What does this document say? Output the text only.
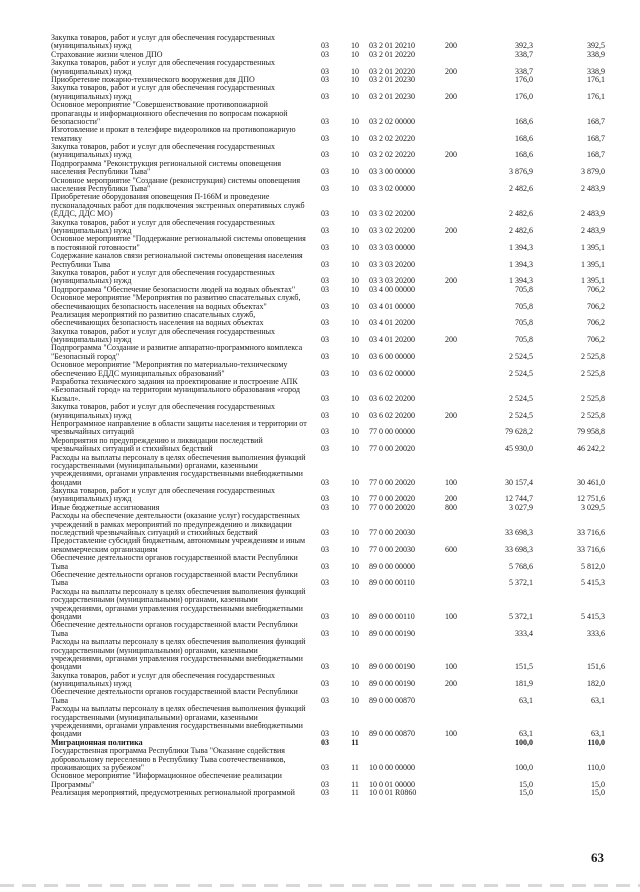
Закупка товаров, работ и услуг для обеспечения государственных (муниципальных) нужд	03	10	03 2 01 20210	200	392,3	392,5
Страхование жизни членов ДПО	03	10	03 2 01 20220		338,7	338,9
Закупка товаров, работ и услуг для обеспечения государственных (муниципальных) нужд	03	10	03 2 01 20220	200	338,7	338,9
Приобретение пожарно-технического вооружения для ДПО	03	10	03 2 01 20230		176,0	176,1
Закупка товаров, работ и услуг для обеспечения государственных (муниципальных) нужд	03	10	03 2 01 20230	200	176,0	176,1
Основное мероприятие "Совершенствование противопожарной пропаганды и информационного обеспечения по вопросам пожарной безопасности"	03	10	03 2 02 00000		168,6	168,7
Изготовление и прокат в телеэфире видеороликов на противопожарную тематику	03	10	03 2 02 20220		168,6	168,7
Закупка товаров, работ и услуг для обеспечения государственных (муниципальных) нужд	03	10	03 2 02 20220	200	168,6	168,7
Подпрограмма "Реконструкция региональной системы оповещения населения Республики Тыва"	03	10	03 3 00 00000		3 876,9	3 879,0
Основное мероприятие "Создание (реконструкция) системы оповещения населения Республики Тыва"	03	10	03 3 02 00000		2 482,6	2 483,9
Приобретение оборудования оповещения П-166М и проведение пусконаладочных работ для подключения экстренных оперативных служб (ЕДДС, ДДС МО)	03	10	03 3 02 20200		2 482,6	2 483,9
Закупка товаров, работ и услуг для обеспечения государственных (муниципальных) нужд	03	10	03 3 02 20200	200	2 482,6	2 483,9
Основное мероприятие "Поддержание региональной системы оповещения в постоянной готовности"	03	10	03 3 03 00000		1 394,3	1 395,1
Содержание каналов связи региональной системы оповещения населения Республики Тыва	03	10	03 3 03 20200		1 394,3	1 395,1
Закупка товаров, работ и услуг для обеспечения государственных (муниципальных) нужд	03	10	03 3 03 20200	200	1 394,3	1 395,1
Подпрограмма "Обеспечение безопасности людей на водных объектах"	03	10	03 4 00 00000		705,8	706,2
Основное мероприятие "Мероприятия по развитию спасательных служб, обеспечивающих безопасность населения на водных объектах"	03	10	03 4 01 00000		705,8	706,2
Реализация мероприятий по развитию спасательных служб, обеспечивающих безопасность населения на водных объектах	03	10	03 4 01 20200		705,8	706,2
Закупка товаров, работ и услуг для обеспечения государственных (муниципальных) нужд	03	10	03 4 01 20200	200	705,8	706,2
Подпрограмма "Создание и развитие аппаратно-программного комплекса "Безопасный город"	03	10	03 6 00 00000		2 524,5	2 525,8
Основное мероприятие "Мероприятия по материально-техническому обеспечению ЕДДС муниципальных образований"	03	10	03 6 02 00000		2 524,5	2 525,8
Разработка технического задания на проектирование и построение АПК «Безопасный город» на территории муниципального образования «город Кызыл».	03	10	03 6 02 20200		2 524,5	2 525,8
Закупка товаров, работ и услуг для обеспечения государственных (муниципальных) нужд	03	10	03 6 02 20200	200	2 524,5	2 525,8
Непрограммное направление в области защиты населения и территории от чрезвычайных ситуаций	03	10	77 0 00 00000		79 628,2	79 958,8
Мероприятия по предупреждению и ликвидации последствий чрезвычайных ситуаций и стихийных бедствий	03	10	77 0 00 20020		45 930,0	46 242,2
Расходы на выплаты персоналу в целях обеспечения выполнения функций государственными (муниципальными) органами, казенными учреждениями, органами управления государственными внебюджетными фондами	03	10	77 0 00 20020	100	30 157,4	30 461,0
Закупка товаров, работ и услуг для обеспечения государственных (муниципальных) нужд	03	10	77 0 00 20020	200	12 744,7	12 751,6
Иные бюджетные ассигнования	03	10	77 0 00 20020	800	3 027,9	3 029,5
Расходы на обеспечение деятельности (оказание услуг) государственных учреждений в рамках мероприятий по предупреждению и ликвидации последствий чрезвычайных ситуаций и стихийных бедствий	03	10	77 0 00 20030		33 698,3	33 716,6
Предоставление субсидий бюджетным, автономным учреждениям и иным некоммерческим организациям	03	10	77 0 00 20030	600	33 698,3	33 716,6
Обеспечение деятельности органов государственной власти Республики Тыва	03	10	89 0 00 00000		5 768,6	5 812,0
Обеспечение деятельности органов государственной власти Республики Тыва	03	10	89 0 00 00110		5 372,1	5 415,3
Расходы на выплаты персоналу в целях обеспечения выполнения функций государственными (муниципальными) органами, казенными учреждениями, органами управления государственными внебюджетными фондами	03	10	89 0 00 00110	100	5 372,1	5 415,3
Обеспечение деятельности органов государственной власти Республики Тыва	03	10	89 0 00 00190		333,4	333,6
Расходы на выплаты персоналу в целях обеспечения выполнения функций государственными (муниципальными) органами, казенными учреждениями, органами управления государственными внебюджетными фондами	03	10	89 0 00 00190	100	151,5	151,6
Закупка товаров, работ и услуг для обеспечения государственных (муниципальных) нужд	03	10	89 0 00 00190	200	181,9	182,0
Обеспечение деятельности органов государственной власти Республики Тыва	03	10	89 0 00 00870		63,1	63,1
Расходы на выплаты персоналу в целях обеспечения выполнения функций государственными (муниципальными) органами, казенными учреждениями, органами управления государственными внебюджетными фондами	03	10	89 0 00 00870	100	63,1	63,1
Миграционная политика	03	11			100,0	110,0
Государственная программа Республики Тыва "Оказание содействия добровольному переселению в Республику Тыва соотечественников, проживающих за рубежом"	03	11	10 0 00 00000		100,0	110,0
Основное мероприятие "Информационное обеспечение реализации Программы"	03	11	10 0 01 00000		15,0	15,0
Реализация мероприятий, предусмотренных региональной программой	03	11	10 0 01 R0860		15,0	15,0
63
